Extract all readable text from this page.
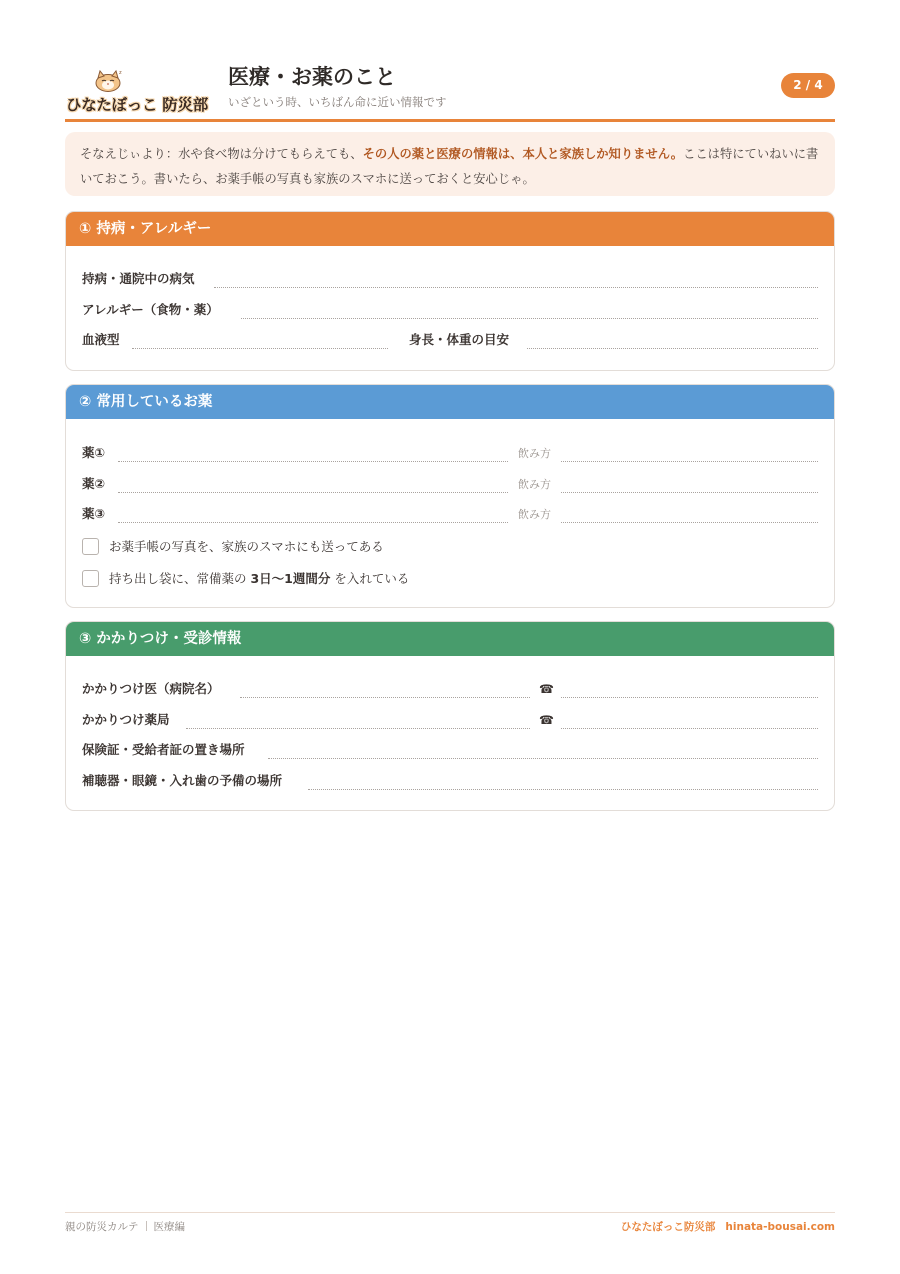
z
ひなたぼっこ 防災部
医療・お薬のこと
いざという時、いちばん命に近い情報です
2 / 4
そなえじぃより：水や食べ物は分けてもらえても、その人の薬と医療の情報は、本人と家族しか知りません。ここは特にていねいに書いておこう。書いたら、お薬手帳の写真も家族のスマホに送っておくと安心じゃ。
① 持病・アレルギー
持病・通院中の病気
アレルギー（食物・薬）
血液型	身長・体重の目安
② 常用しているお薬
薬①	飲み方
薬②	飲み方
薬③	飲み方
お薬手帳の写真を、家族のスマホにも送ってある
持ち出し袋に、常備薬の 3日〜1週間分 を入れている
③ かかりつけ・受診情報
かかりつけ医（病院名）	☎
かかりつけ薬局	☎
保険証・受給者証の置き場所
補聴器・眼鏡・入れ歯の予備の場所
親の防災カルテ 医療編	ひなたぼっこ防災部 hinata-bousai.com
